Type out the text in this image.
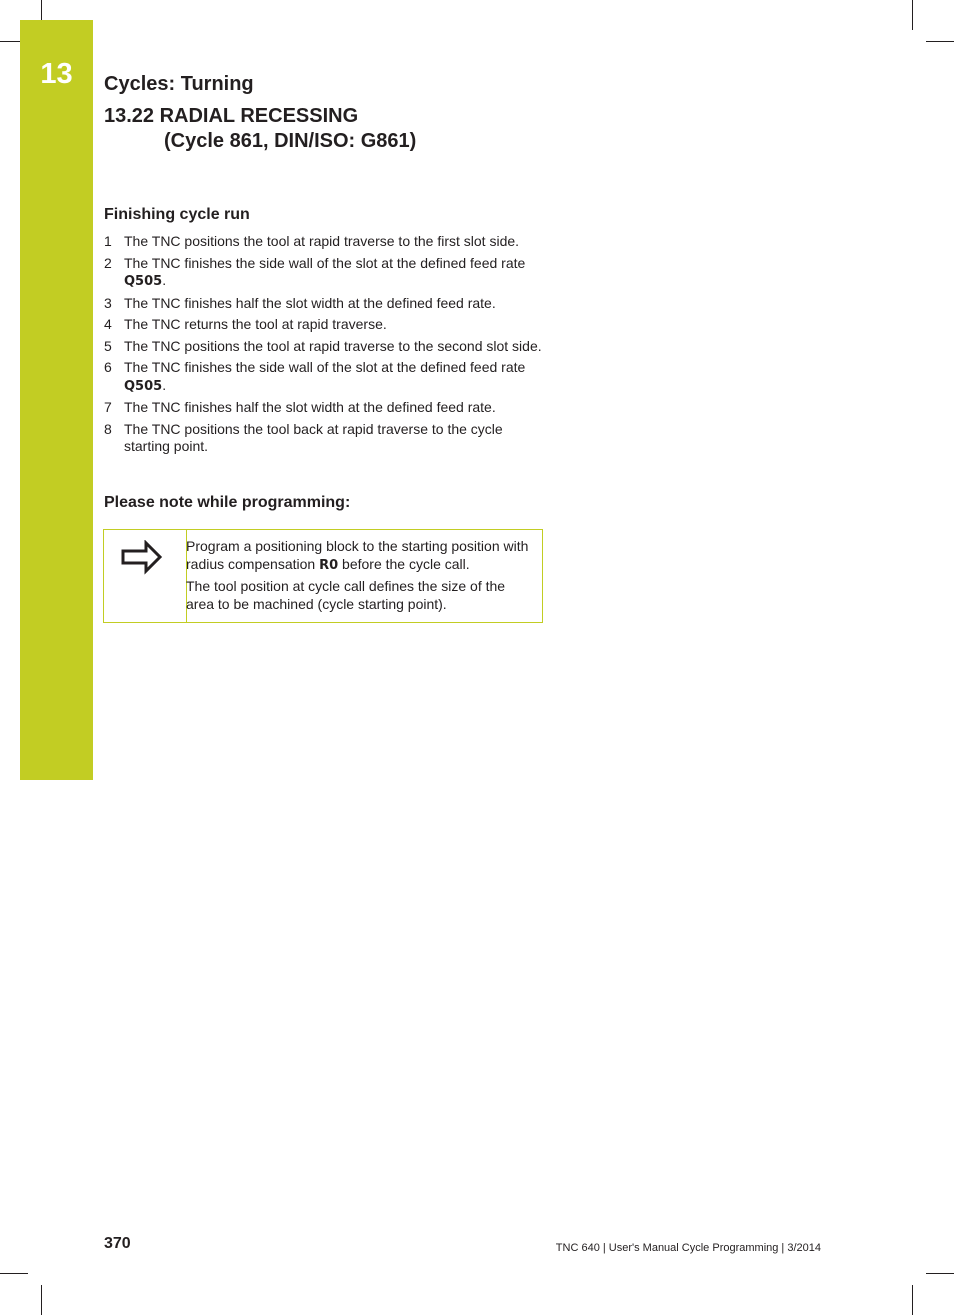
13	Cycles: Turning
13.22 RADIAL RECESSING
(Cycle 861, DIN/ISO: G861)
Finishing cycle run
1 The TNC positions the tool at rapid traverse to the first slot side.
2 The TNC finishes the side wall of the slot at the defined feed rate Q505.
3 The TNC finishes half the slot width at the defined feed rate.
4 The TNC returns the tool at rapid traverse.
5 The TNC positions the tool at rapid traverse to the second slot side.
6 The TNC finishes the side wall of the slot at the defined feed rate Q505.
7 The TNC finishes half the slot width at the defined feed rate.
8 The TNC positions the tool back at rapid traverse to the cycle starting point.
Please note while programming:

Program a positioning block to the starting position with radius compensation R0 before the cycle call.

The tool position at cycle call defines the size of the area to be machined (cycle starting point).

370	TNC 640 | User's Manual Cycle Programming | 3/2014
